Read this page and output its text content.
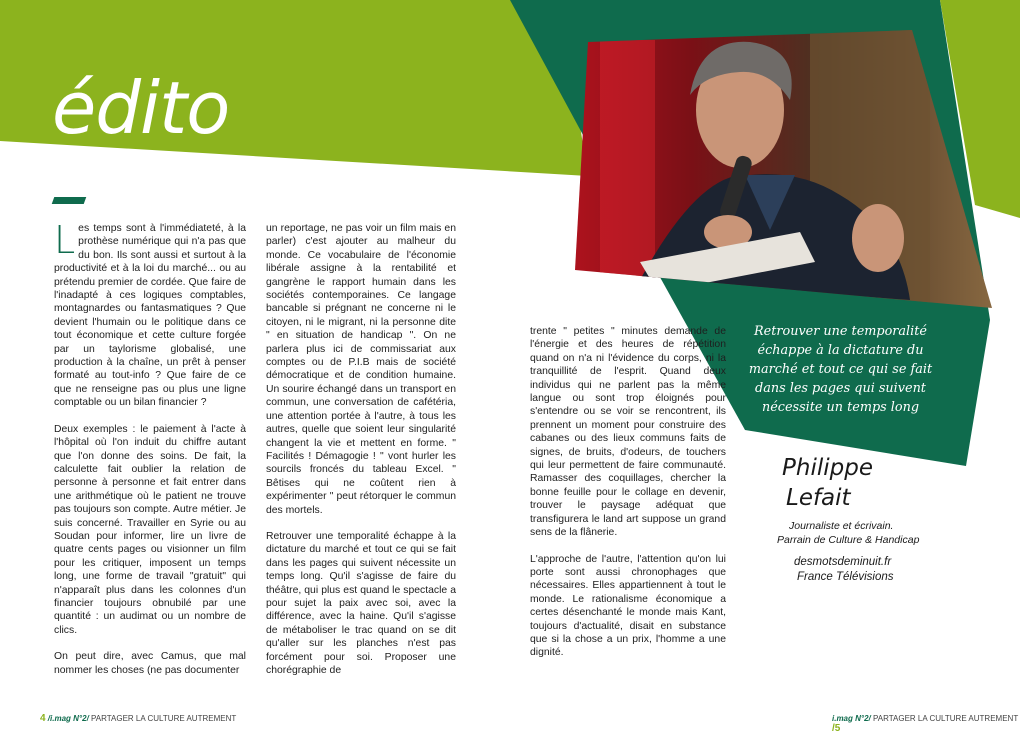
édito

Les temps sont à l'immédiateté, à la prothèse numérique qui n'a pas que du bon. Ils sont aussi et surtout à la productivité et à la loi du marché... ou au prétendu premier de cordée. Que faire de l'inadapté à ces logiques comptables, montagnardes ou fantasmatiques ? Que devient l'humain ou le politique dans ce tout économique et cette culture forgée par un taylorisme globalisé, une production à la chaîne, un prêt à penser formaté au tout-info ? Que faire de ce que ne renseigne pas ou plus une ligne comptable ou un bilan financier ?

Deux exemples : le paiement à l'acte à l'hôpital où l'on induit du chiffre autant que l'on donne des soins. De fait, la calculette fait oublier la relation de personne à personne et fait entrer dans une arithmétique où le patient ne trouve pas toujours son compte. Autre métier. Je suis concerné. Travailler en Syrie ou au Soudan pour informer, lire un livre de quatre cents pages ou visionner un film pour les critiquer, imposent un temps long, une forme de travail "gratuit" qui n'apparaît plus dans les colonnes d'un financier toujours obnubilé par une quantité : un audimat ou un nombre de clics.

On peut dire, avec Camus, que mal nommer les choses (ne pas documenter

un reportage, ne pas voir un film mais en parler) c'est ajouter au malheur du monde. Ce vocabulaire de l'économie libérale assigne à la rentabilité et gangrène le rapport humain dans les sociétés contemporaines. Ce langage bancable si prégnant ne concerne ni le citoyen, ni le migrant, ni la personne dite " en situation de handicap ". On ne parlera plus ici de commissariat aux comptes ou de P.I.B mais de société démocratique et de condition humaine. Un sourire échangé dans un transport en commun, une conversation de cafétéria, une attention portée à l'autre, à tous les autres, quelle que soient leur singularité changent la vie et mettent en forme. " Facilités ! Démagogie ! " vont hurler les sourcils froncés du tableau Excel. " Bêtises qui ne coûtent rien à expérimenter " peut rétorquer le commun des mortels.

Retrouver une temporalité échappe à la dictature du marché et tout ce qui se fait dans les pages qui suivent nécessite un temps long. Qu'il s'agisse de faire du théâtre, qui plus est quand le spectacle a pour sujet la paix avec soi, avec la différence, avec la haine. Qu'il s'agisse de métaboliser le trac quand on se dit qu'aller sur les planches n'est pas forcément pour soi. Proposer une chorégraphie de

trente " petites " minutes demande de l'énergie et des heures de répétition quand on n'a ni l'évidence du corps, ni la tranquillité de l'esprit. Quand deux individus qui ne parlent pas la même langue ou sont trop éloignés pour s'entendre ou se voir se rencontrent, ils prennent un moment pour construire des cabanes ou des lieux communs faits de signes, de bruits, d'odeurs, de touchers qui leur permettent de faire communauté. Ramasser des coquillages, chercher la bonne feuille pour le collage en devenir, trouver le paysage adéquat que transfigurera le land art suppose un grand sens de la flânerie.

L'approche de l'autre, l'attention qu'on lui porte sont aussi chronophages que nécessaires. Elles appartiennent à tout le monde. Le rationalisme économique a certes désenchanté le monde mais Kant, toujours d'actualité, disait en substance que si la chose a un prix, l'homme a une dignité.

Retrouver une temporalité
échappe à la dictature du
marché et tout ce qui se fait
dans les pages qui suivent
nécessite un temps long

Philippe
Lefait
Journaliste et écrivain.
Parrain de Culture & Handicap
desmotsdeminuit.fr
France Télévisions
4 /i.mag N°2/ PARTAGER LA CULTURE AUTREMENT	i.mag N°2/ PARTAGER LA CULTURE AUTREMENT /5
